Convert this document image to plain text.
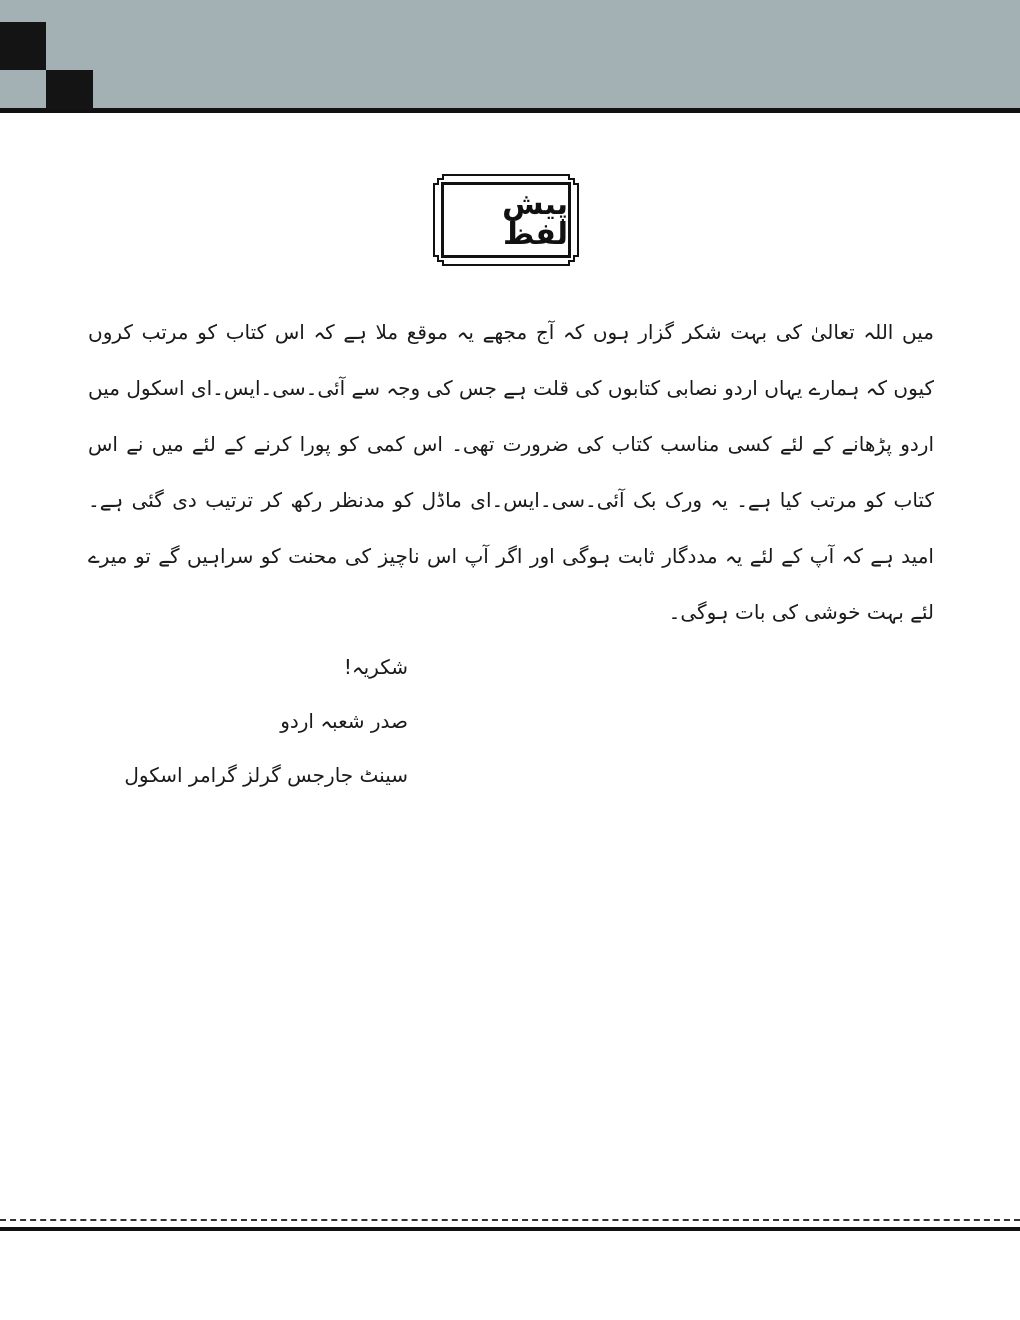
پیش لفظ
میں اللہ تعالیٰ کی بہت شکر گزار ہوں کہ آج مجھے یہ موقع ملا ہے کہ اس کتاب کو مرتب کروں کیوں کہ ہمارے یہاں اردو نصابی کتابوں کی قلت ہے جس کی وجہ سے آئی۔سی۔ایس۔ای اسکول میں اردو پڑھانے کے لئے کسی مناسب کتاب کی ضرورت تھی۔ اس کمی کو پورا کرنے کے لئے میں نے اس کتاب کو مرتب کیا ہے۔ یہ ورک بک آئی۔سی۔ایس۔ای ماڈل کو مدنظر رکھ کر ترتیب دی گئی ہے۔ امید ہے کہ آپ کے لئے یہ مددگار ثابت ہوگی اور اگر آپ اس ناچیز کی محنت کو سراہیں گے تو میرے لئے بہت خوشی کی بات ہوگی۔
شکریہ!
صدر شعبہ اردو
سینٹ جارجس گرلز گرامر اسکول
